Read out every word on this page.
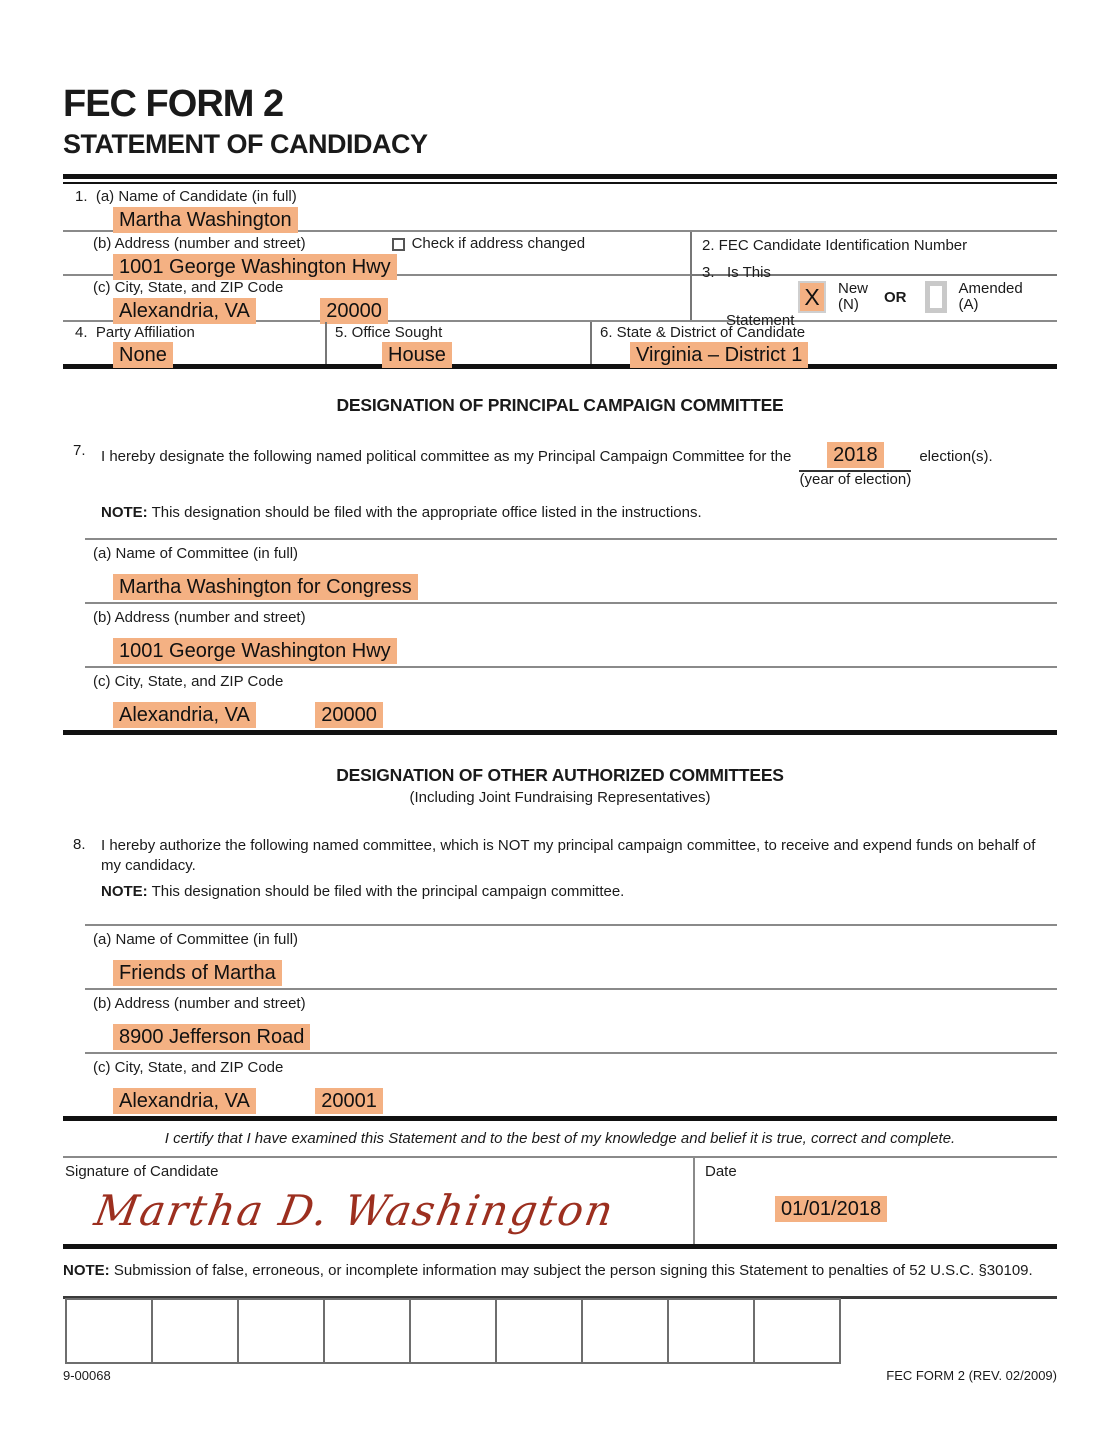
FEC FORM 2
STATEMENT OF CANDIDACY
1.  (a) Name of Candidate (in full)
Martha Washington
(b) Address (number and street)	Check if address changed
1001 George Washington Hwy
(c) City, State, and ZIP Code
Alexandria, VA	20000
2. FEC Candidate Identification Number

3.   Is This

Statement

X	New
(N)	OR	Amended
(A)
4.  Party Affiliation
None
5. Office Sought
House
6. State & District of Candidate
Virginia – District 1
DESIGNATION OF PRINCIPAL CAMPAIGN COMMITTEE
7.	I hereby designate the following named political committee as my Principal Campaign Committee for the 2018
(year of election)
election(s).
NOTE: This designation should be filed with the appropriate office listed in the instructions.
(a) Name of Committee (in full)
Martha Washington for Congress
(b) Address (number and street)
1001 George Washington Hwy
(c) City, State, and ZIP Code
Alexandria, VA	20000
DESIGNATION OF OTHER AUTHORIZED COMMITTEES
(Including Joint Fundraising Representatives)
8.	I hereby authorize the following named committee, which is NOT my principal campaign committee, to receive and expend funds on behalf of my candidacy.
NOTE: This designation should be filed with the principal campaign committee.
(a) Name of Committee (in full)
Friends of Martha
(b) Address (number and street)
8900 Jefferson Road
(c) City, State, and ZIP Code
Alexandria, VA	20001
I certify that I have examined this Statement and to the best of my knowledge and belief it is true, correct and complete.
Signature of Candidate
Martha D. Washington
Date
01/01/2018
NOTE: Submission of false, erroneous, or incomplete information may subject the person signing this Statement to penalties of 52 U.S.C. §30109.
9-00068	FEC FORM 2 (REV. 02/2009)
